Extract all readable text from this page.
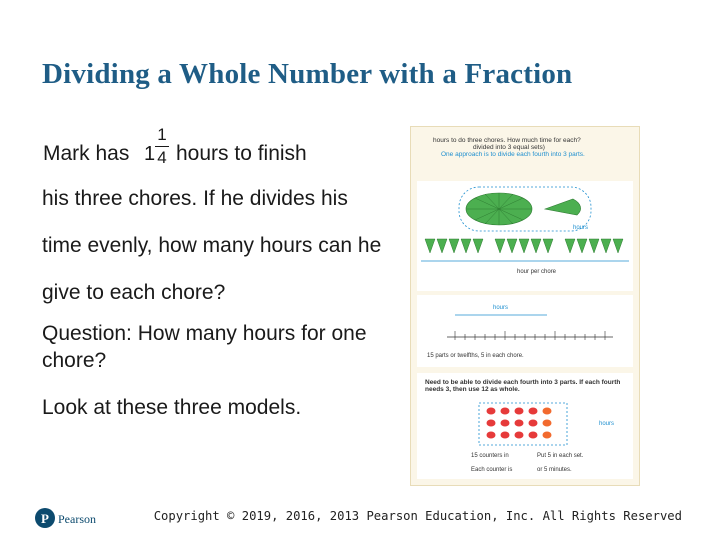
Dividing a Whole Number with a Fraction
Mark has 1
1
4 hours to finish

his three chores. If he divides his time evenly, how many hours can he give to each chore?

Question: How many hours for one chore?

Look at these three models.

hours to do three chores. How much time for each?
divided into 3 equal sets)
One approach is to divide each fourth into 3 parts.
hours
hour per chore
hours
15 parts or twelfths, 5 in each chore.
Need to be able to divide each fourth into 3 parts. If each fourth needs 3, then use 12 as whole.
hours
15 counters in	Put 5 in each set.
Each counter is	or 5 minutes.
P Pearson	Copyright © 2019, 2016, 2013 Pearson Education, Inc. All Rights Reserved
